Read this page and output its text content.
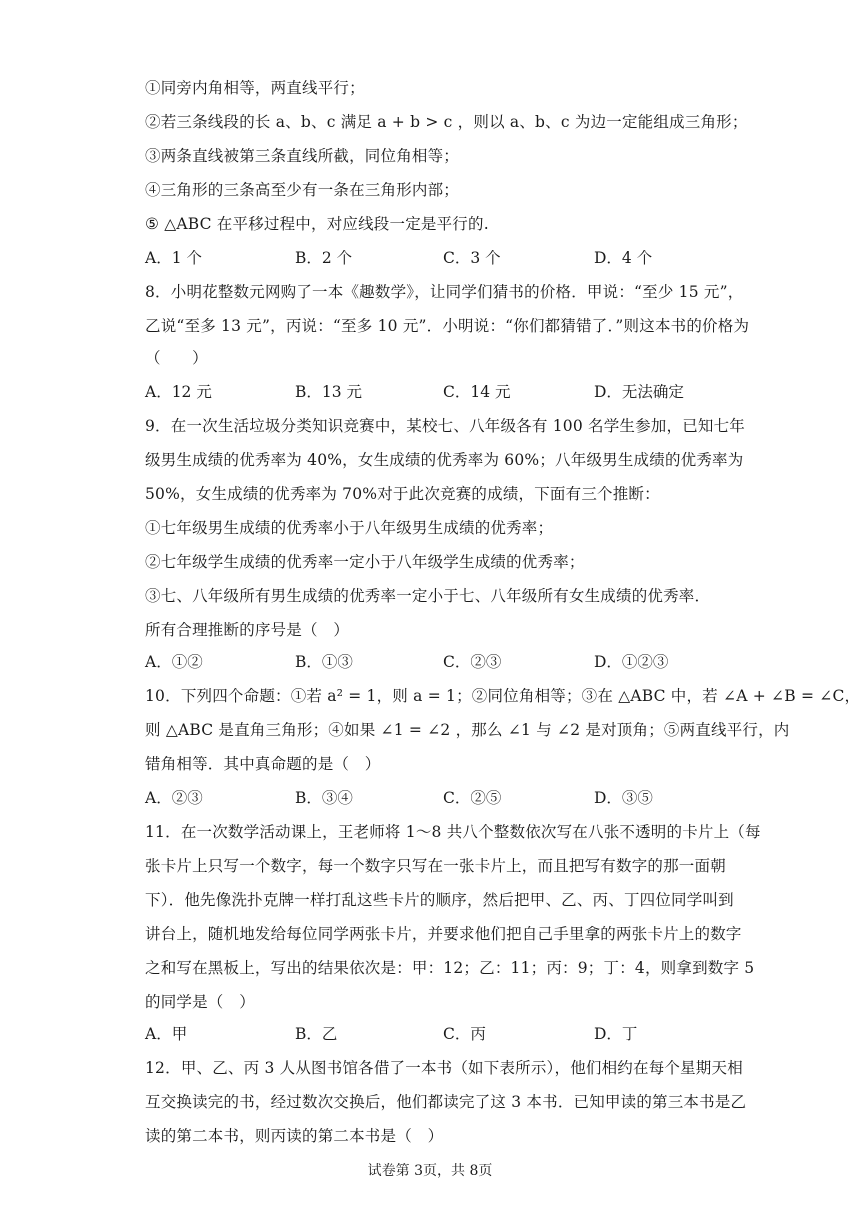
①同旁内角相等，两直线平行；
②若三条线段的长 a、b、c 满足 a + b > c ，则以 a、b、c 为边一定能组成三角形；
③两条直线被第三条直线所截，同位角相等；
④三角形的三条高至少有一条在三角形内部；
⑤ △ABC 在平移过程中，对应线段一定是平行的.
A．1 个	B．2 个	C．3 个	D．4 个
8．小明花整数元网购了一本《趣数学》，让同学们猜书的价格．甲说：“至少 15 元”，
乙说“至多 13 元”，丙说：“至多 10 元”．小明说：“你们都猜错了．”则这本书的价格为
（　　）
A．12 元	B．13 元	C．14 元	D．无法确定
9．在一次生活垃圾分类知识竞赛中，某校七、八年级各有 100 名学生参加，已知七年
级男生成绩的优秀率为 40%，女生成绩的优秀率为 60%；八年级男生成绩的优秀率为
50%，女生成绩的优秀率为 70%对于此次竞赛的成绩，下面有三个推断：
①七年级男生成绩的优秀率小于八年级男生成绩的优秀率；
②七年级学生成绩的优秀率一定小于八年级学生成绩的优秀率；
③七、八年级所有男生成绩的优秀率一定小于七、八年级所有女生成绩的优秀率．
所有合理推断的序号是（　）
A．①②	B．①③	C．②③	D．①②③
10．下列四个命题：①若 a² = 1，则 a = 1；②同位角相等；③在 △ABC 中，若 ∠A + ∠B = ∠C，
则 △ABC 是直角三角形；④如果 ∠1 = ∠2 ，那么 ∠1 与 ∠2 是对顶角；⑤两直线平行，内
错角相等．其中真命题的是（　）
A．②③	B．③④	C．②⑤	D．③⑤
11．在一次数学活动课上，王老师将 1～8 共八个整数依次写在八张不透明的卡片上（每
张卡片上只写一个数字，每一个数字只写在一张卡片上，而且把写有数字的那一面朝
下）．他先像洗扑克牌一样打乱这些卡片的顺序，然后把甲、乙、丙、丁四位同学叫到
讲台上，随机地发给每位同学两张卡片，并要求他们把自己手里拿的两张卡片上的数字
之和写在黑板上，写出的结果依次是：甲：12；乙：11；丙：9；丁：4，则拿到数字 5
的同学是（　）
A．甲	B．乙	C．丙	D．丁
12．甲、乙、丙 3 人从图书馆各借了一本书（如下表所示），他们相约在每个星期天相
互交换读完的书，经过数次交换后，他们都读完了这 3 本书．已知甲读的第三本书是乙
读的第二本书，则丙读的第二本书是（　）
试卷第 3页，共 8页
